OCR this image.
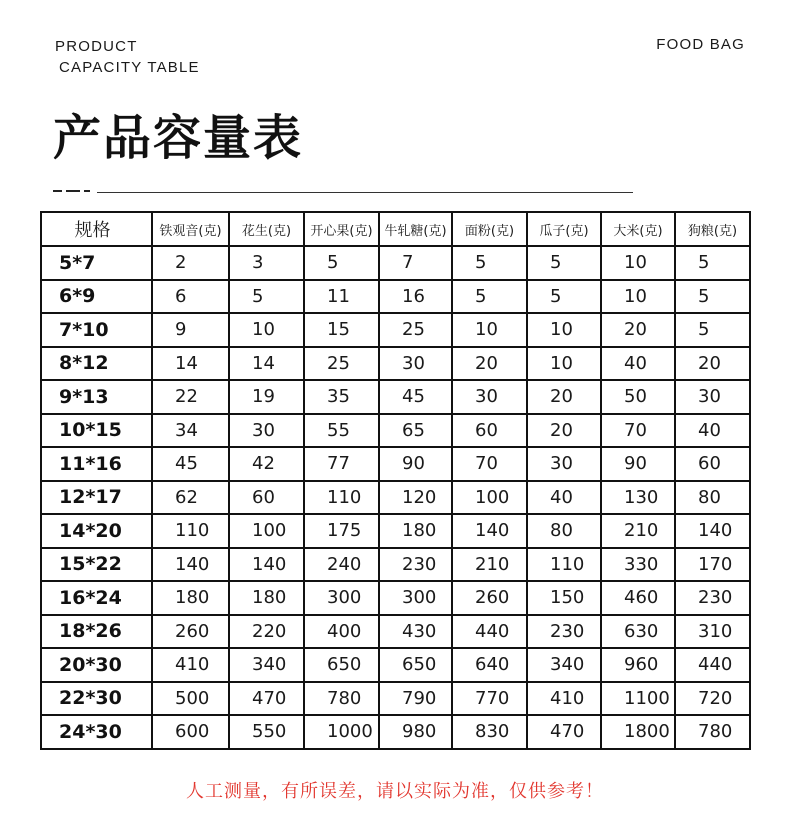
PRODUCT
CAPACITY TABLE
FOOD BAG
产品容量表
规格	铁观音(克)	花生(克)	开心果(克)	牛轧糖(克)	面粉(克)	瓜子(克)	大米(克)	狗粮(克)
5*7	2	3	5	7	5	5	10	5
6*9	6	5	11	16	5	5	10	5
7*10	9	10	15	25	10	10	20	5
8*12	14	14	25	30	20	10	40	20
9*13	22	19	35	45	30	20	50	30
10*15	34	30	55	65	60	20	70	40
11*16	45	42	77	90	70	30	90	60
12*17	62	60	110	120	100	40	130	80
14*20	110	100	175	180	140	80	210	140
15*22	140	140	240	230	210	110	330	170
16*24	180	180	300	300	260	150	460	230
18*26	260	220	400	430	440	230	630	310
20*30	410	340	650	650	640	340	960	440
22*30	500	470	780	790	770	410	1100	720
24*30	600	550	1000	980	830	470	1800	780
人工测量，有所误差，请以实际为准，仅供参考！
